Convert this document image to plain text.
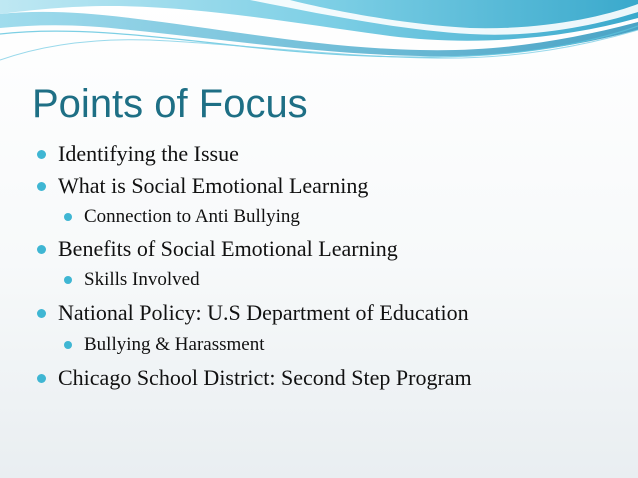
Points of Focus
Identifying the Issue
What is Social Emotional Learning
Connection to Anti Bullying
Benefits of Social Emotional Learning
Skills Involved
National Policy: U.S Department of Education
Bullying & Harassment
Chicago School District: Second Step Program
